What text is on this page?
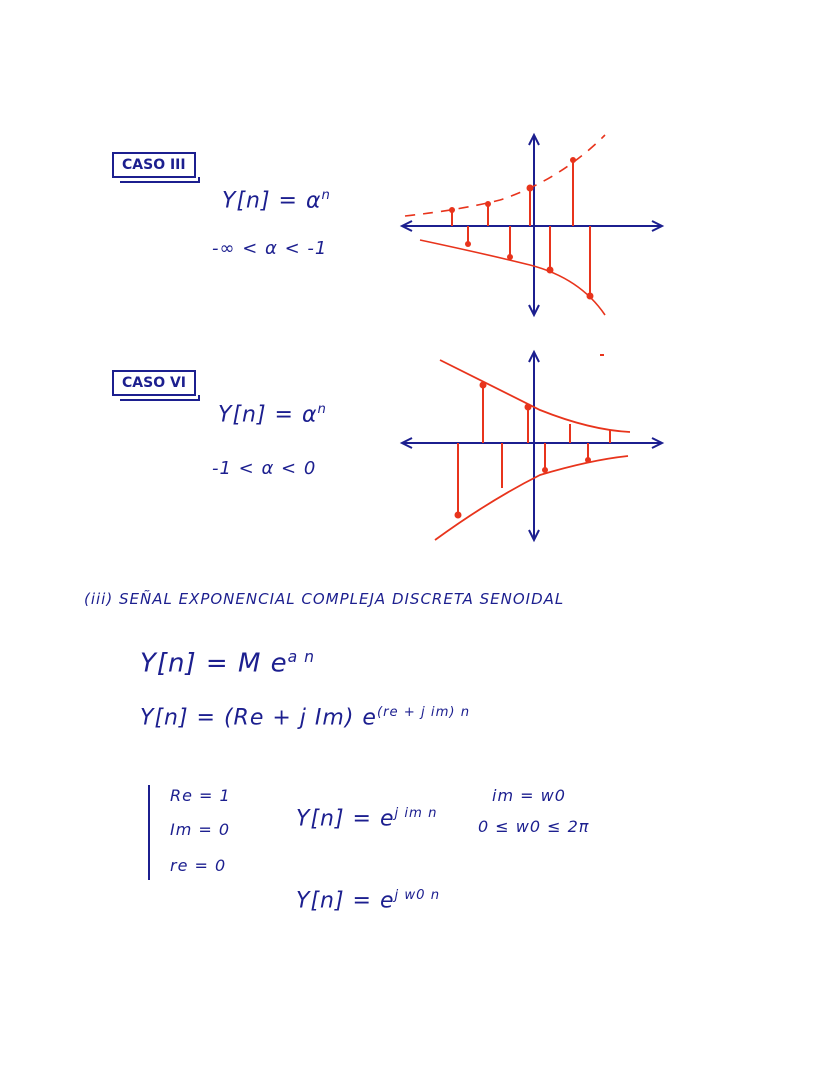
CASO III
$Y[n] = \alpha^n$
-∞ < α < -1
CASO VI
$Y[n] = \alpha^n$
-1 < α < 0
(iii) SEÑAL EXPONENCIAL COMPLEJA DISCRETA SENOIDAL
Y[n] = M $e^{a n}$
Y[n] = (Re + j Im) $e^{(re + j im) n}$
Re = 1
Im = 0
re = 0
$Y[n] = e^{j im n}$
im = w0
0 ≤ w0 ≤ 2π
$Y[n] = e^{j w0 n}$
